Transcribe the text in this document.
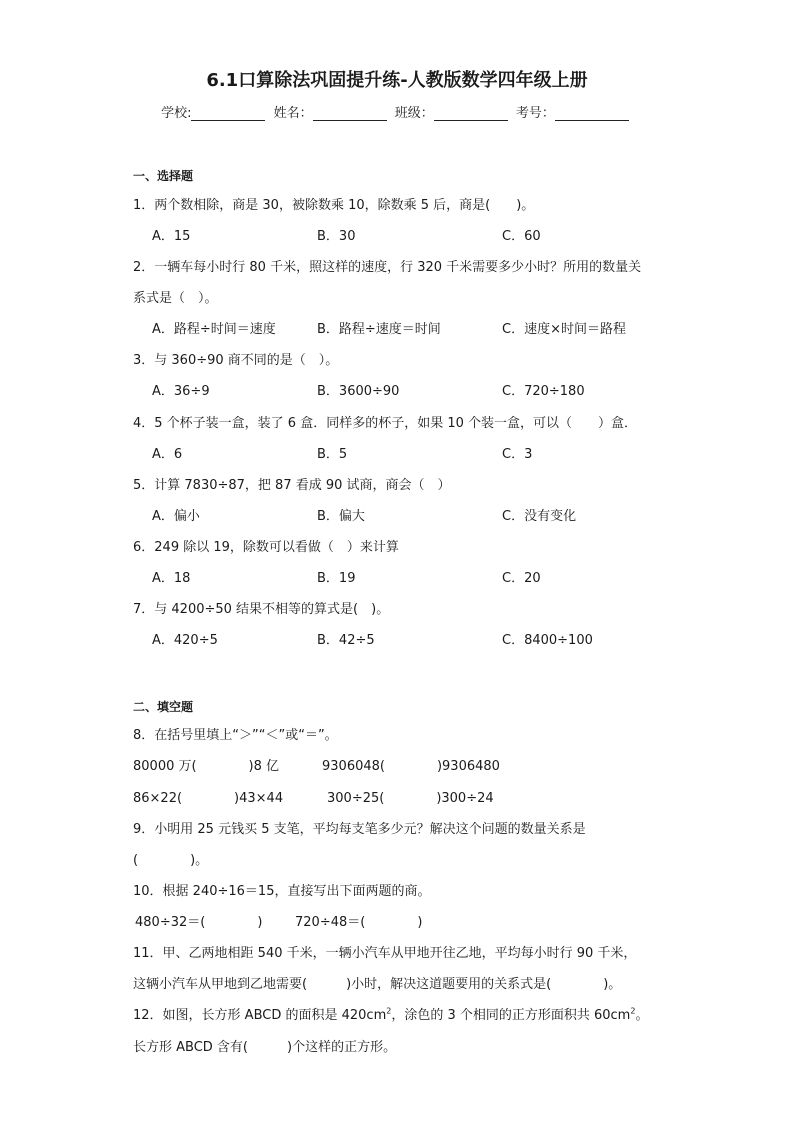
6.1口算除法巩固提升练-人教版数学四年级上册
学校:	姓名：	班级：	考号：
一、选择题
1．两个数相除，商是 30，被除数乘 10，除数乘 5 后，商是(　　)。
A．15	B．30	C．60
2．一辆车每小时行 80 千米，照这样的速度，行 320 千米需要多少小时？所用的数量关
系式是（　）。
A．路程÷时间＝速度	B．路程÷速度＝时间	C．速度×时间＝路程
3．与 360÷90 商不同的是（　）。
A．36÷9	B．3600÷90	C．720÷180
4．5 个杯子装一盒，装了 6 盒．同样多的杯子，如果 10 个装一盒，可以（　　）盒．
A．6	B．5	C．3
5．计算 7830÷87，把 87 看成 90 试商，商会（　）
A．偏小	B．偏大	C．没有变化
6．249 除以 19，除数可以看做（　）来计算
A．18	B．19	C．20
7．与 4200÷50 结果不相等的算式是(　)。
A．420÷5	B．42÷5	C．8400÷100
二、填空题
8．在括号里填上“＞”“＜”或“＝”。
80000 万(　　　　)8 亿	9306048(　　　　)9306480
86×22(　　　　)43×44	300÷25(　　　　)300÷24
9．小明用 25 元钱买 5 支笔，平均每支笔多少元？解决这个问题的数量关系是
(　　　　)。
10．根据 240÷16＝15，直接写出下面两题的商。
480÷32＝(　　　　)	720÷48＝(　　　　)
11．甲、乙两地相距 540 千米，一辆小汽车从甲地开往乙地，平均每小时行 90 千米，
这辆小汽车从甲地到乙地需要(　　　)小时，解决这道题要用的关系式是(　　　　)。
12．如图，长方形 ABCD 的面积是 $420cm^2$，涂色的 3 个相同的正方形面积共 $60cm^2$。
长方形 ABCD 含有(　　　)个这样的正方形。
